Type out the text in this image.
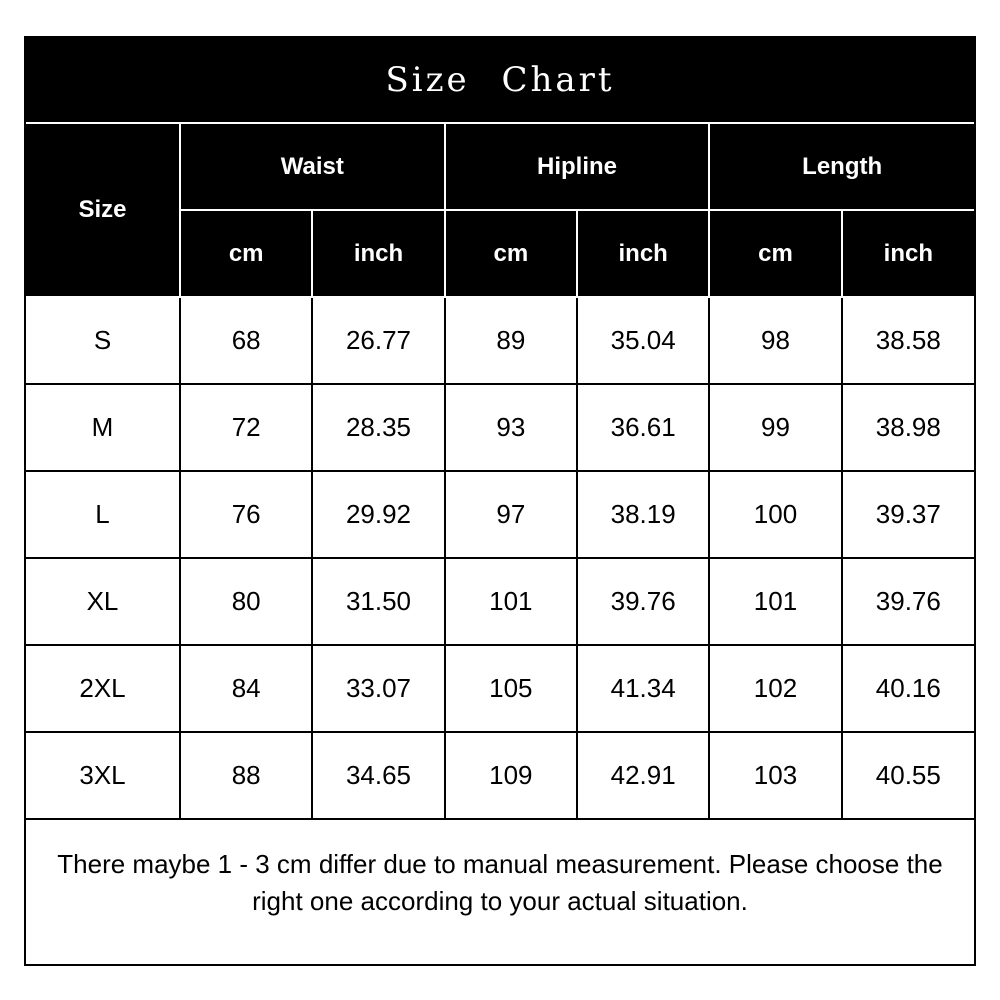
Size Chart
Size	Waist		Hipline		Length	
	cm	inch	cm	inch	cm	inch
S	68	26.77	89	35.04	98	38.58
M	72	28.35	93	36.61	99	38.98
L	76	29.92	97	38.19	100	39.37
XL	80	31.50	101	39.76	101	39.76
2XL	84	33.07	105	41.34	102	40.16
3XL	88	34.65	109	42.91	103	40.55
There maybe 1 - 3 cm differ due to manual measurement. Please choose the right one according to your actual situation.
